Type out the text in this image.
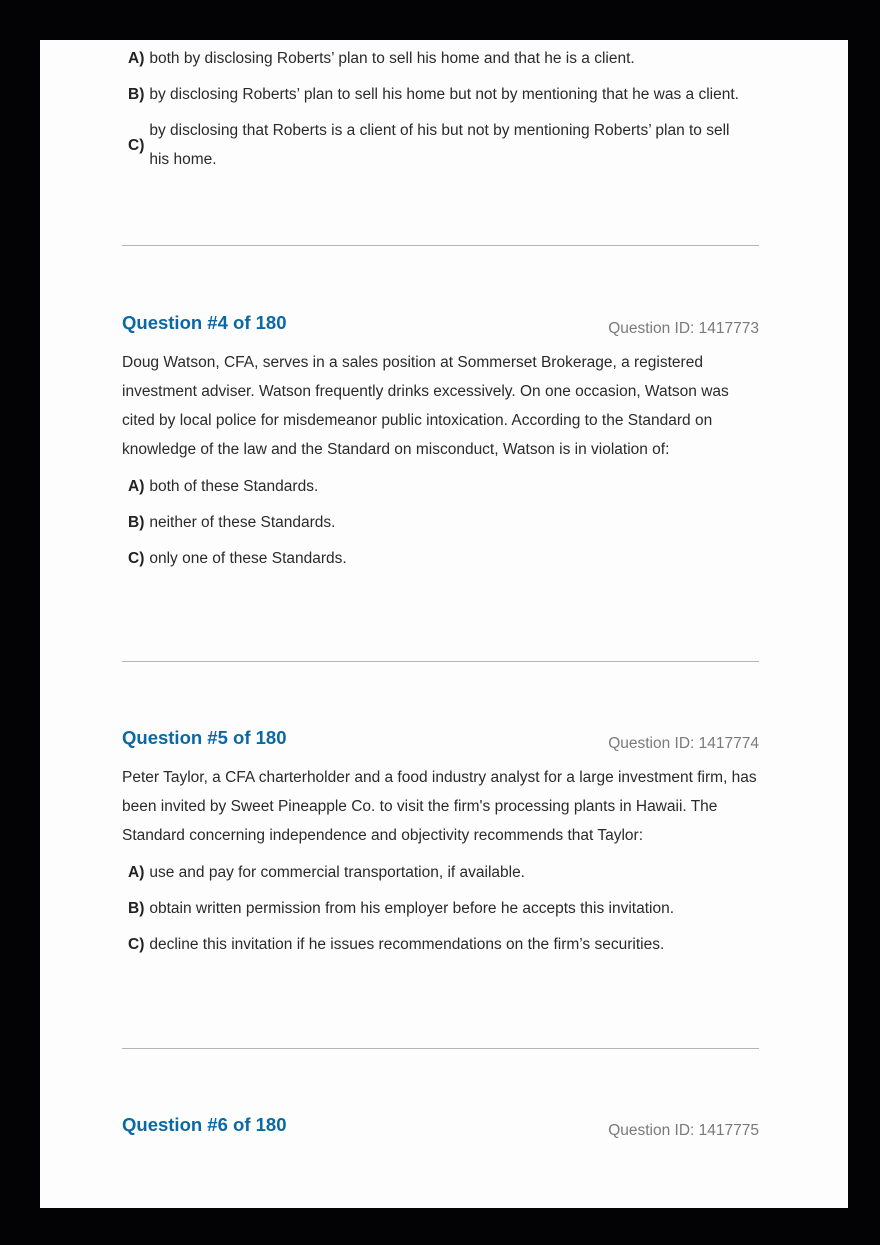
A) both by disclosing Roberts’ plan to sell his home and that he is a client.
B) by disclosing Roberts’ plan to sell his home but not by mentioning that he was a client.
C)
by disclosing that Roberts is a client of his but not by mentioning Roberts’ plan to sell his home.
Question #4 of 180	Question ID: 1417773

Doug Watson, CFA, serves in a sales position at Sommerset Brokerage, a registered investment adviser. Watson frequently drinks excessively. On one occasion, Watson was cited by local police for misdemeanor public intoxication. According to the Standard on knowledge of the law and the Standard on misconduct, Watson is in violation of:

A) both of these Standards.
B) neither of these Standards.
C) only one of these Standards.
Question #5 of 180	Question ID: 1417774

Peter Taylor, a CFA charterholder and a food industry analyst for a large investment firm, has been invited by Sweet Pineapple Co. to visit the firm's processing plants in Hawaii. The Standard concerning independence and objectivity recommends that Taylor:

A) use and pay for commercial transportation, if available.
B) obtain written permission from his employer before he accepts this invitation.
C) decline this invitation if he issues recommendations on the firm’s securities.
Question #6 of 180	Question ID: 1417775
